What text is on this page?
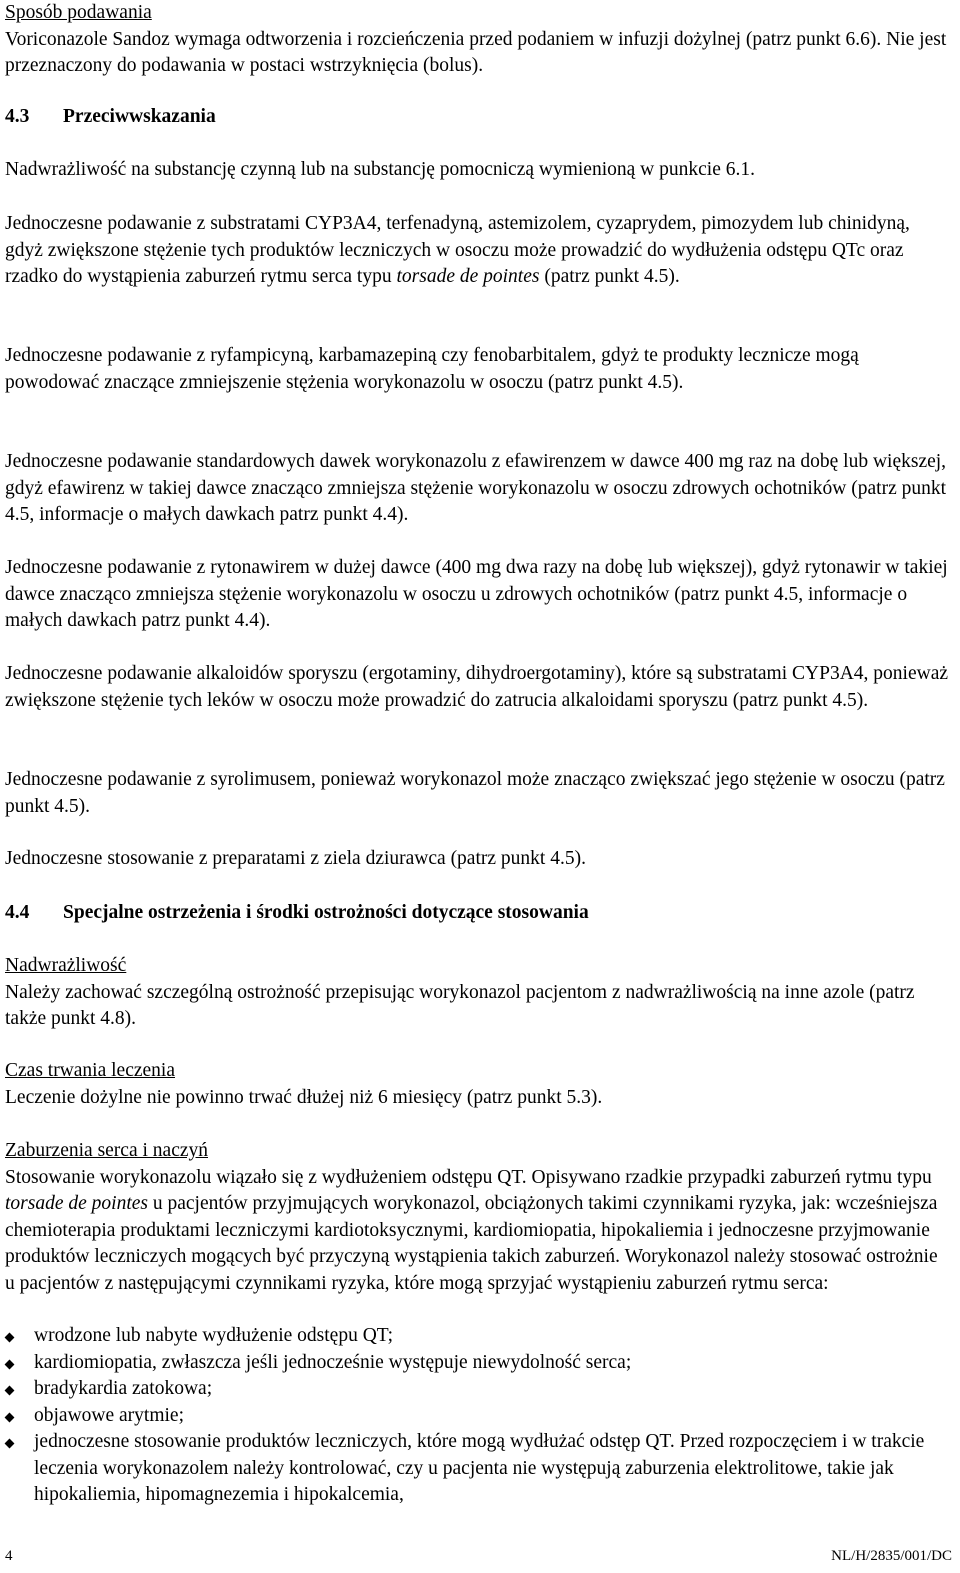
Sposób podawania
Voriconazole Sandoz wymaga odtworzenia i rozcieńczenia przed podaniem w infuzji dożylnej (patrz punkt 6.6). Nie jest przeznaczony do podawania w postaci wstrzyknięcia (bolus).

4.3 Przeciwwskazania

Nadwrażliwość na substancję czynną lub na substancję pomocniczą wymienioną w punkcie 6.1.

Jednoczesne podawanie z substratami CYP3A4, terfenadyną, astemizolem, cyzaprydem, pimozydem lub chinidyną, gdyż zwiększone stężenie tych produktów leczniczych w osoczu może prowadzić do wydłużenia odstępu QTc oraz rzadko do wystąpienia zaburzeń rytmu serca typu torsade de pointes (patrz punkt 4.5).

Jednoczesne podawanie z ryfampicyną, karbamazepiną czy fenobarbitalem, gdyż te produkty lecznicze mogą powodować znaczące zmniejszenie stężenia worykonazolu w osoczu (patrz punkt 4.5).

Jednoczesne podawanie standardowych dawek worykonazolu z efawirenzem w dawce 400 mg raz na dobę lub większej, gdyż efawirenz w takiej dawce znacząco zmniejsza stężenie worykonazolu w osoczu zdrowych ochotników (patrz punkt 4.5, informacje o małych dawkach patrz punkt 4.4).

Jednoczesne podawanie z rytonawirem w dużej dawce (400 mg dwa razy na dobę lub większej), gdyż rytonawir w takiej dawce znacząco zmniejsza stężenie worykonazolu w osoczu u zdrowych ochotników (patrz punkt 4.5, informacje o małych dawkach patrz punkt 4.4).

Jednoczesne podawanie alkaloidów sporyszu (ergotaminy, dihydroergotaminy), które są substratami CYP3A4, ponieważ zwiększone stężenie tych leków w osoczu może prowadzić do zatrucia alkaloidami sporyszu (patrz punkt 4.5).

Jednoczesne podawanie z syrolimusem, ponieważ worykonazol może znacząco zwiększać jego stężenie w osoczu (patrz punkt 4.5).

Jednoczesne stosowanie z preparatami z ziela dziurawca (patrz punkt 4.5).

4.4 Specjalne ostrzeżenia i środki ostrożności dotyczące stosowania

Nadwrażliwość
Należy zachować szczególną ostrożność przepisując worykonazol pacjentom z nadwrażliwością na inne azole (patrz także punkt 4.8).

Czas trwania leczenia
Leczenie dożylne nie powinno trwać dłużej niż 6 miesięcy (patrz punkt 5.3).

Zaburzenia serca i naczyń
Stosowanie worykonazolu wiązało się z wydłużeniem odstępu QT. Opisywano rzadkie przypadki zaburzeń rytmu typu torsade de pointes u pacjentów przyjmujących worykonazol, obciążonych takimi czynnikami ryzyka, jak: wcześniejsza chemioterapia produktami leczniczymi kardiotoksycznymi, kardiomiopatia, hipokaliemia i jednoczesne przyjmowanie produktów leczniczych mogących być przyczyną wystąpienia takich zaburzeń. Worykonazol należy stosować ostrożnie u pacjentów z następującymi czynnikami ryzyka, które mogą sprzyjać wystąpieniu zaburzeń rytmu serca:

wrodzone lub nabyte wydłużenie odstępu QT;
kardiomiopatia, zwłaszcza jeśli jednocześnie występuje niewydolność serca;
bradykardia zatokowa;
objawowe arytmie;
jednoczesne stosowanie produktów leczniczych, które mogą wydłużać odstęp QT. Przed rozpoczęciem i w trakcie leczenia worykonazolem należy kontrolować, czy u pacjenta nie występują zaburzenia elektrolitowe, takie jak hipokaliemia, hipomagnezemia i hipokalcemia,
4	NL/H/2835/001/DC
